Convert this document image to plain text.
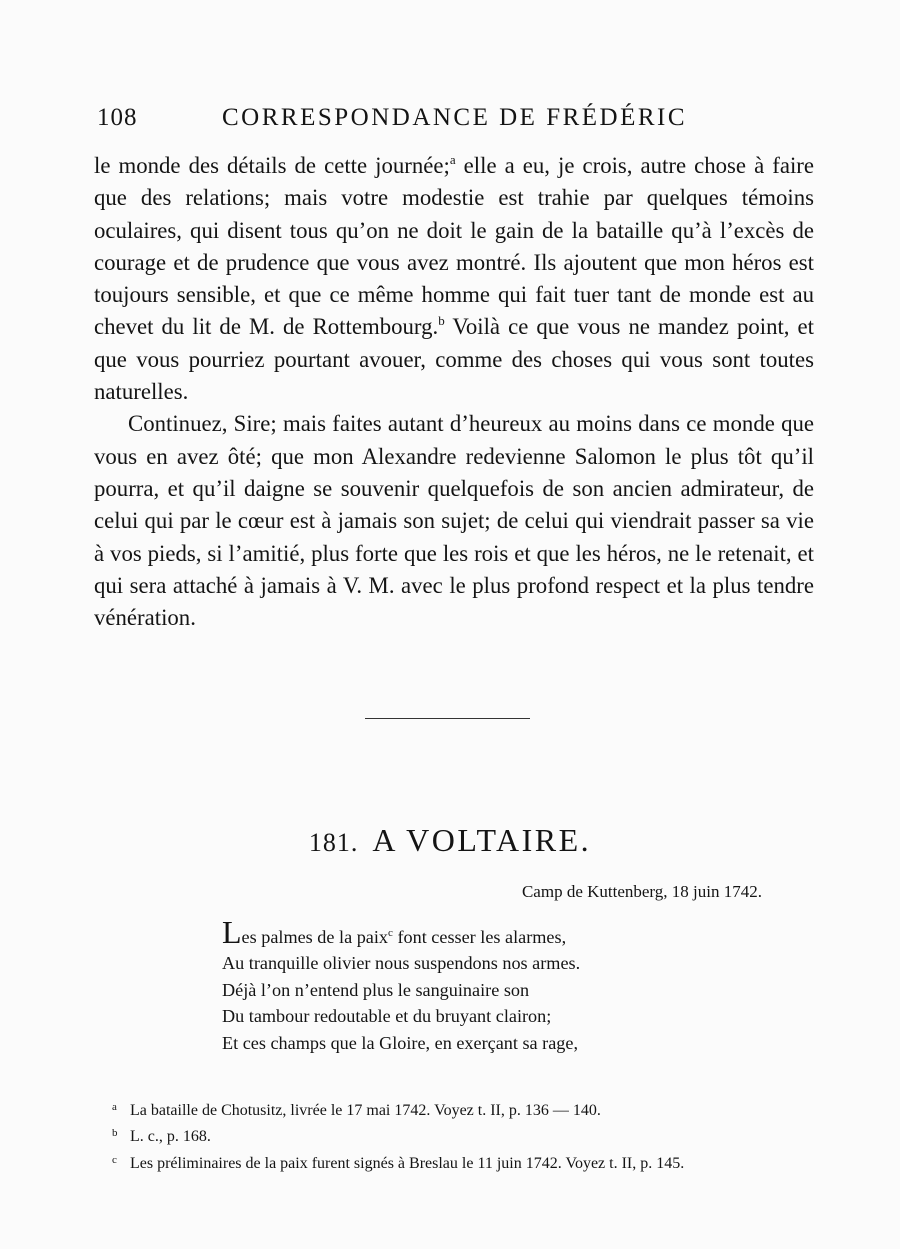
108	CORRESPONDANCE DE FRÉDÉRIC

le monde des détails de cette journée;$^a$ elle a eu, je crois, autre chose à faire que des relations; mais votre modestie est trahie par quelques témoins oculaires, qui disent tous qu’on ne doit le gain de la bataille qu’à l’excès de courage et de prudence que vous avez montré. Ils ajoutent que mon héros est toujours sensible, et que ce même homme qui fait tuer tant de monde est au chevet du lit de M. de Rottembourg.$^b$ Voilà ce que vous ne mandez point, et que vous pourriez pourtant avouer, comme des choses qui vous sont toutes naturelles.

Continuez, Sire; mais faites autant d’heureux au moins dans ce monde que vous en avez ôté; que mon Alexandre redevienne Salomon le plus tôt qu’il pourra, et qu’il daigne se souvenir quelquefois de son ancien admirateur, de celui qui par le cœur est à jamais son sujet; de celui qui viendrait passer sa vie à vos pieds, si l’amitié, plus forte que les rois et que les héros, ne le retenait, et qui sera attaché à jamais à V. M. avec le plus profond respect et la plus tendre vénération.

181. A VOLTAIRE.
Camp de Kuttenberg, 18 juin 1742.
Les palmes de la paix$^c$ font cesser les alarmes,
Au tranquille olivier nous suspendons nos armes.
Déjà l’on n’entend plus le sanguinaire son
Du tambour redoutable et du bruyant clairon;
Et ces champs que la Gloire, en exerçant sa rage,
a La bataille de Chotusitz, livrée le 17 mai 1742. Voyez t. II, p. 136 — 140.
b L. c., p. 168.
c Les préliminaires de la paix furent signés à Breslau le 11 juin 1742. Voyez t. II, p. 145.
